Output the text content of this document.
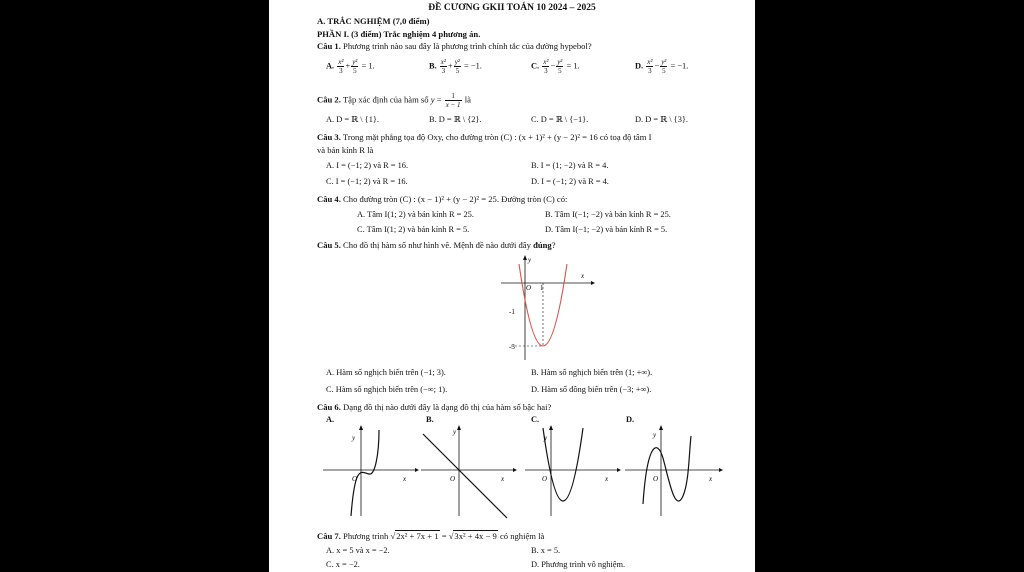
ĐỀ CƯƠNG GKII TOÁN 10 2024 – 2025
A. TRẮC NGHIỆM (7,0 điểm)
PHẦN I. (3 điểm) Trắc nghiệm 4 phương án.
Câu 1. Phương trình nào sau đây là phương trình chính tắc của đường hypebol?
A. $\frac{\text{x²}}{3} + \frac{\text{y²}}{5} = 1$.	B. $\frac{\text{x²}}{3} + \frac{\text{y²}}{5} = -1$.	C. $\frac{\text{x²}}{3} - \frac{\text{y²}}{5} = 1$.	D. $\frac{\text{x²}}{3} - \frac{\text{y²}}{5} = -1$.
Câu 2. Tập xác định của hàm số $y = \frac{1}{x - 1}$ là
A. D = ℝ \ {1}.	B. D = ℝ \ {2}.	C. D = ℝ \ {−1}.	D. D = ℝ \ {3}.
Câu 3. Trong mặt phẳng tọa độ Oxy, cho đường tròn (C) : (x + 1)² + (y − 2)² = 16 có toạ độ tâm I
và bán kính R là
A. I = (−1; 2) và R = 16.	B. I = (1; −2) và R = 4.
C. I = (−1; 2) và R = 16.	D. I = (−1; 2) và R = 4.
Câu 4. Cho đường tròn (C) : (x − 1)² + (y − 2)² = 25. Đường tròn (C) có:
A. Tâm I(1; 2) và bán kính R = 25.	B. Tâm I(−1; −2) và bán kính R = 25.
C. Tâm I(1; 2) và bán kính R = 5.	D. Tâm I(−1; −2) và bán kính R = 5.
Câu 5. Cho đồ thị hàm số như hình vẽ. Mệnh đề nào dưới đây đúng?
y
x
O 1
-1
-3
A. Hàm số nghịch biến trên (−1; 3).	B. Hàm số nghịch biến trên (1; +∞).
C. Hàm số nghịch biến trên (−∞; 1).	D. Hàm số đồng biến trên (−3; +∞).
Câu 6. Dạng đồ thị nào dưới đây là dạng đồ thị của hàm số bậc hai?
A.	B.	C.	D.
y
x
O
y
x
O
y
x
O
y
x
O
Câu 7. Phương trình √2x² + 7x + 1 = √3x² + 4x − 9 có nghiệm là
A. x = 5 và x = −2.	B. x = 5.
C. x = −2.	D. Phương trình vô nghiệm.
